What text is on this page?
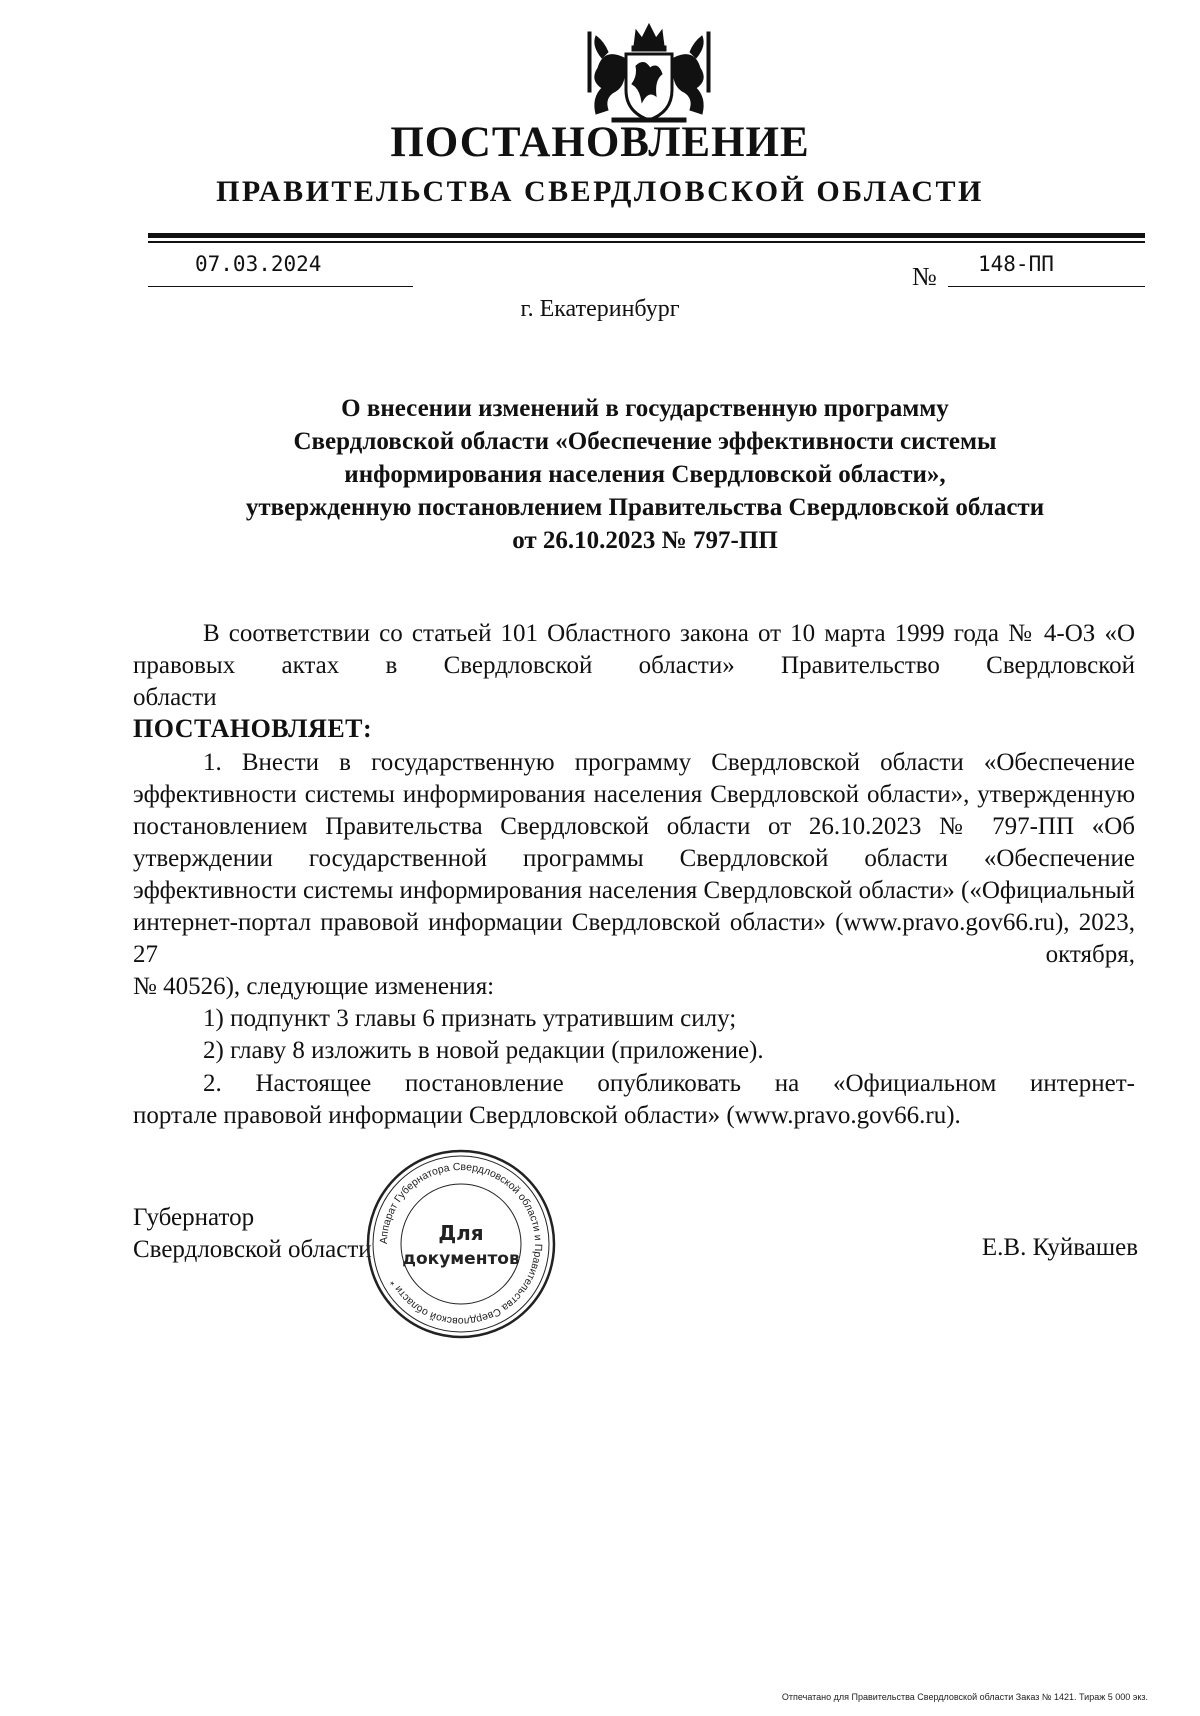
ПОСТАНОВЛЕНИЕ
ПРАВИТЕЛЬСТВА СВЕРДЛОВСКОЙ ОБЛАСТИ
07.03.2024	№ 148-ПП
г. Екатеринбург
О внесении изменений в государственную программу
Свердловской области «Обеспечение эффективности системы
информирования населения Свердловской области»,
утвержденную постановлением Правительства Свердловской области
от 26.10.2023 № 797-ПП
В соответствии со статьей 101 Областного закона от 10 марта 1999 года № 4-ОЗ «О правовых актах в Свердловской области» Правительство Свердловской
области
ПОСТАНОВЛЯЕТ:
1. Внести в государственную программу Свердловской области «Обеспечение эффективности системы информирования населения Свердловской области», утвержденную постановлением Правительства Свердловской области от 26.10.2023 № 797-ПП «Об утверждении государственной программы Свердловской области «Обеспечение эффективности системы информирования населения Свердловской области» («Официальный интернет-портал правовой информации Свердловской области» (www.pravo.gov66.ru), 2023, 27 октября,
№ 40526), следующие изменения:
1) подпункт 3 главы 6 признать утратившим силу;
2) главу 8 изложить в новой редакции (приложение).
2. Настоящее постановление опубликовать на «Официальном интернет-
портале правовой информации Свердловской области» (www.pravo.gov66.ru).
Губернатор
Свердловской области	Е.В. Куйвашев
Аппарат Губернатора Свердловской области и Правительства Свердловской области *
Для
документов
Отпечатано для Правительства Свердловской области Заказ № 1421. Тираж 5 000 экз.
